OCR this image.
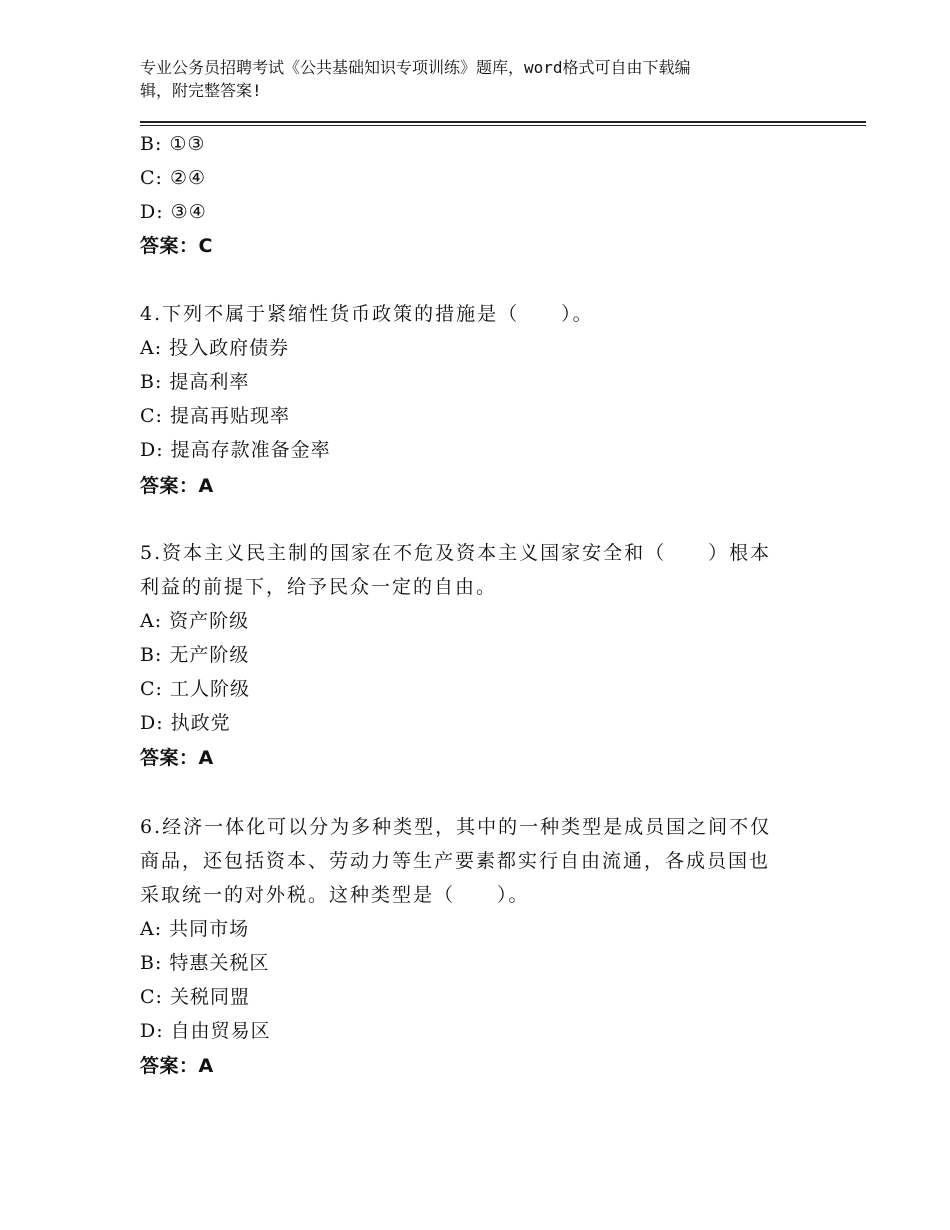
专业公务员招聘考试《公共基础知识专项训练》题库，word格式可自由下载编
辑，附完整答案!
B: ①③
C: ②④
D: ③④
答案：C
4.下列不属于紧缩性货币政策的措施是（　　）。
A: 投入政府债券
B: 提高利率
C: 提高再贴现率
D: 提高存款准备金率
答案：A
5.资本主义民主制的国家在不危及资本主义国家安全和（　　）根本
利益的前提下，给予民众一定的自由。
A: 资产阶级
B: 无产阶级
C: 工人阶级
D: 执政党
答案：A
6.经济一体化可以分为多种类型，其中的一种类型是成员国之间不仅
商品，还包括资本、劳动力等生产要素都实行自由流通，各成员国也
采取统一的对外税。这种类型是（　　）。
A: 共同市场
B: 特惠关税区
C: 关税同盟
D: 自由贸易区
答案：A
